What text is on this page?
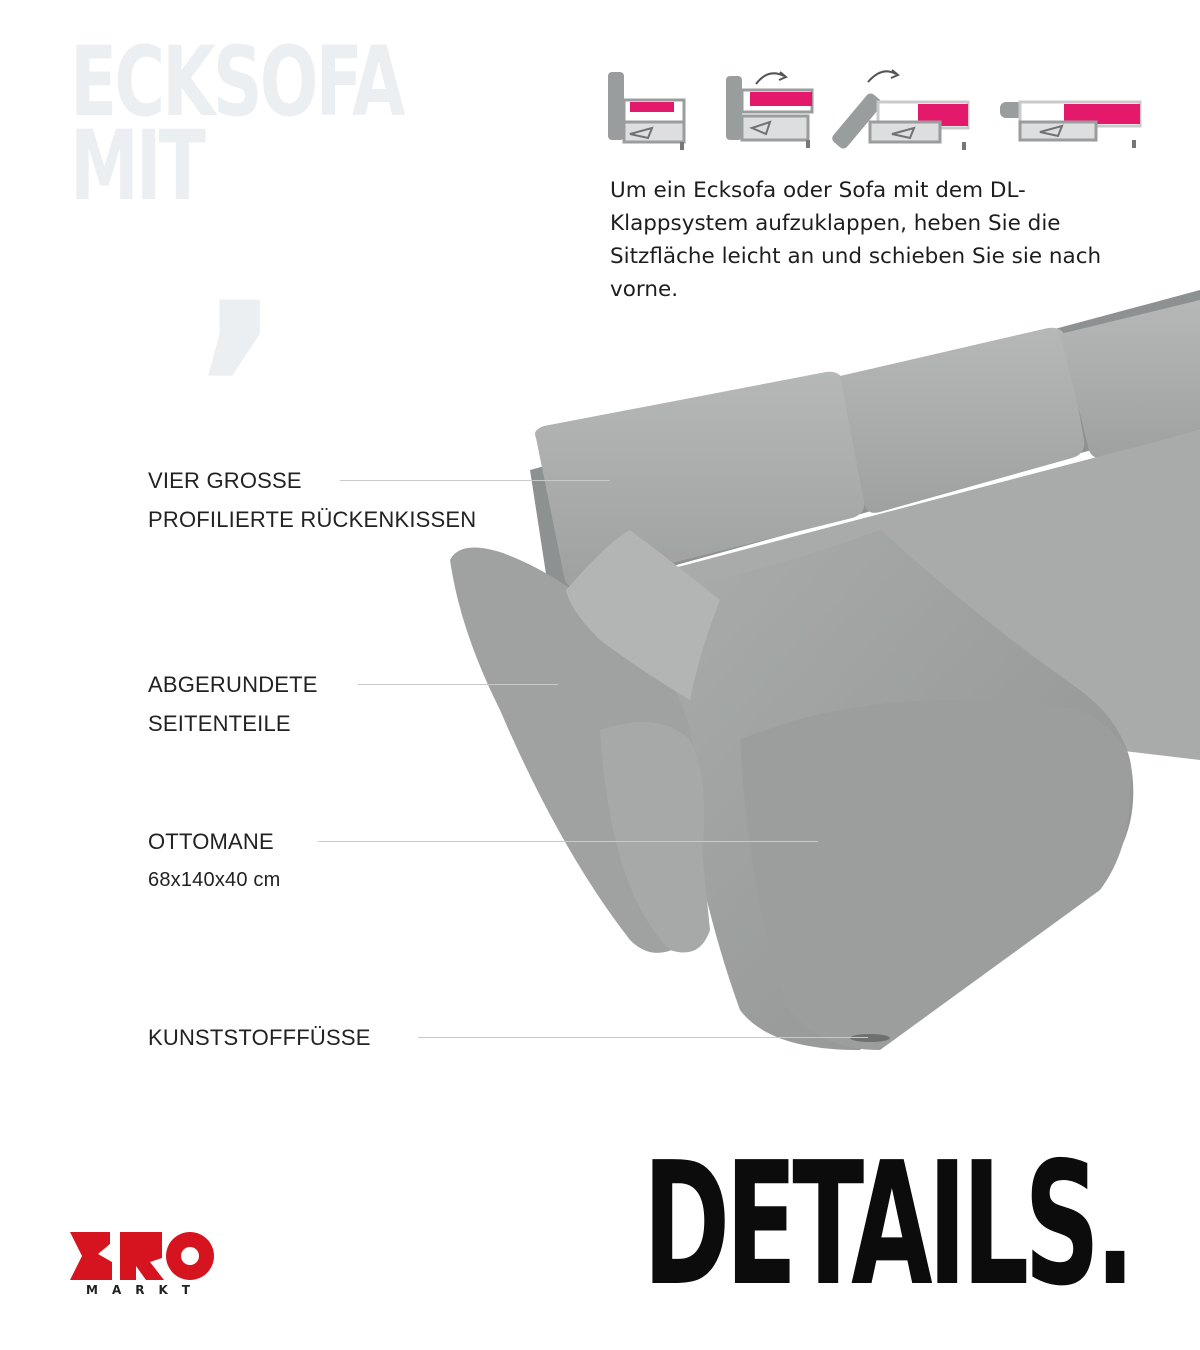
ECKSOFA
MIT
,	Um ein Ecksofa oder Sofa mit dem DL-Klappsystem aufzuklappen, heben Sie die Sitzfläche leicht an und schieben Sie sie nach vorne.
VIER GROSSE
PROFILIERTE RÜCKENKISSEN
ABGERUNDETE
SEITENTEILE
OTTOMANE
68x140x40 cm
KUNSTSTOFFFÜSSE
DETAILS.
MARKT
